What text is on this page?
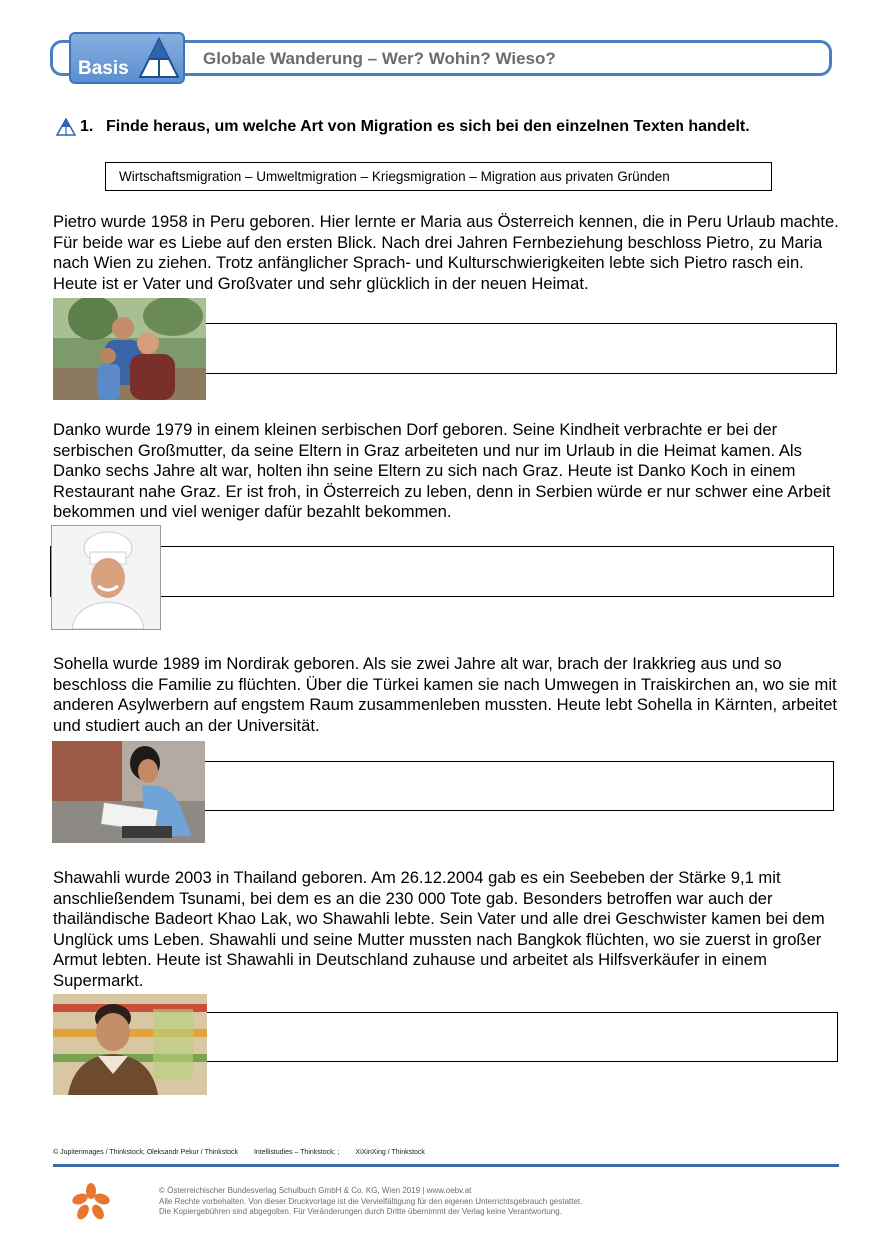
Basis	Globale Wanderung – Wer? Wohin? Wieso?
1. Finde heraus, um welche Art von Migration es sich bei den einzelnen Texten handelt.
Wirtschaftsmigration – Umweltmigration – Kriegsmigration – Migration aus privaten Gründen
Pietro wurde 1958 in Peru geboren. Hier lernte er Maria aus Österreich kennen, die in Peru Urlaub machte. Für beide war es Liebe auf den ersten Blick. Nach drei Jahren Fernbeziehung beschloss Pietro, zu Maria nach Wien zu ziehen. Trotz anfänglicher Sprach- und Kulturschwierigkeiten lebte sich Pietro rasch ein. Heute ist er Vater und Großvater und sehr glücklich in der neuen Heimat.
Danko wurde 1979 in einem kleinen serbischen Dorf geboren. Seine Kindheit verbrachte er bei der serbischen Großmutter, da seine Eltern in Graz arbeiteten und nur im Urlaub in die Heimat kamen. Als Danko sechs Jahre alt war, holten ihn seine Eltern zu sich nach Graz. Heute ist Danko Koch in einem Restaurant nahe Graz. Er ist froh, in Österreich zu leben, denn in Serbien würde er nur schwer eine Arbeit bekommen und viel weniger dafür bezahlt bekommen.
Sohella wurde 1989 im Nordirak geboren. Als sie zwei Jahre alt war, brach der Irakkrieg aus und so beschloss die Familie zu flüchten. Über die Türkei kamen sie nach Umwegen in Traiskirchen an, wo sie mit anderen Asylwerbern auf engstem Raum zusammenleben mussten. Heute lebt Sohella in Kärnten, arbeitet und studiert auch an der Universität.
Shawahli wurde 2003 in Thailand geboren. Am 26.12.2004 gab es ein Seebeben der Stärke 9,1 mit anschließendem Tsunami, bei dem es an die 230 000 Tote gab. Besonders betroffen war auch der thailändische Badeort Khao Lak, wo Shawahli lebte. Sein Vater und alle drei Geschwister kamen bei dem Unglück ums Leben. Shawahli und seine Mutter mussten nach Bangkok flüchten, wo sie zuerst in großer Armut lebten. Heute ist Shawahli in Deutschland zuhause und arbeitet als Hilfsverkäufer in einem Supermarkt.
© Jupiterimages / Thinkstock; Oleksandr Pekur / Thinkstock Intellistudies – Thinkstock; ; XiXinXing / Thinkstock
© Österreichischer Bundesverlag Schulbuch GmbH & Co. KG, Wien 2019 | www.oebv.at
Alle Rechte vorbehalten. Von dieser Druckvorlage ist die Vervielfältigung für den eigenen Unterrichtsgebrauch gestattet.
Die Kopiergebühren sind abgegolten. Für Veränderungen durch Dritte übernimmt der Verlag keine Verantwortung.
